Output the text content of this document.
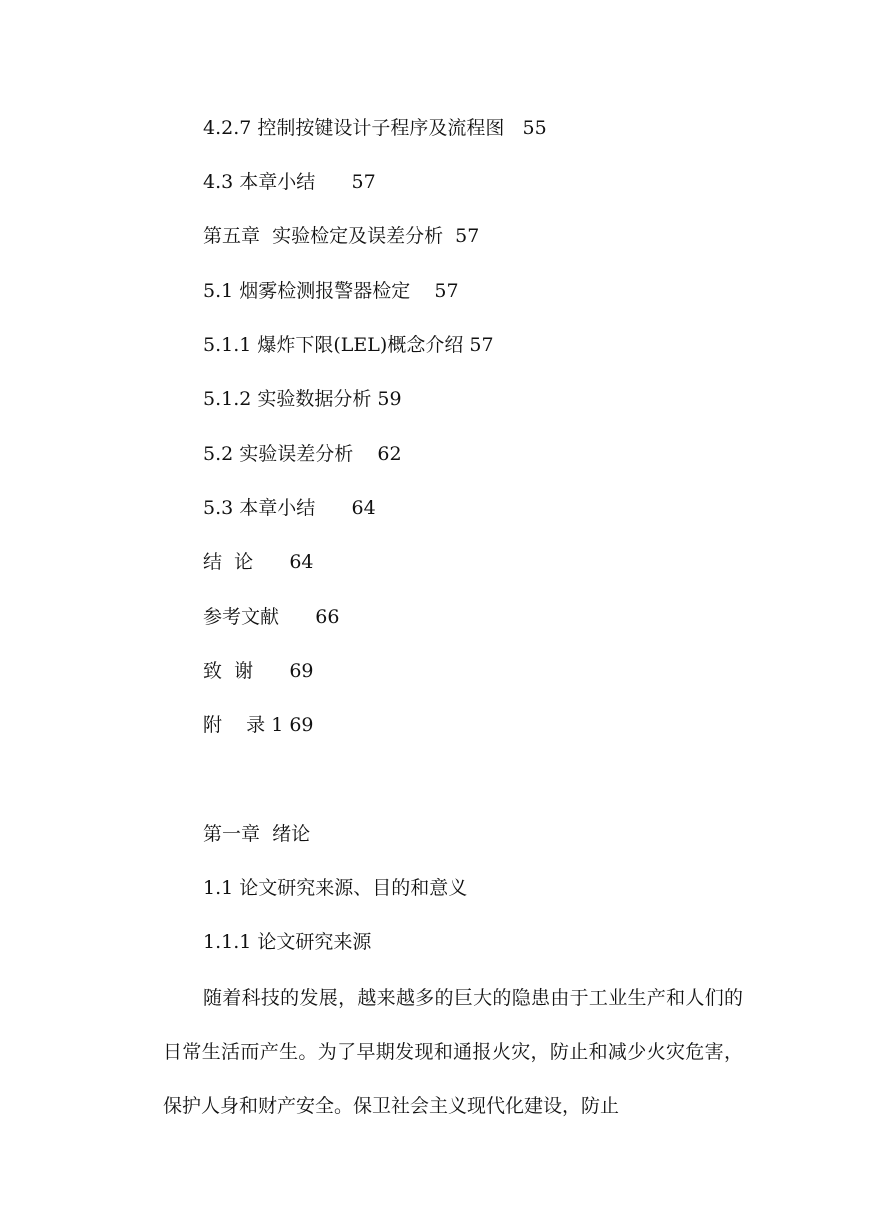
4.2.7 控制按键设计子程序及流程图   55
4.3 本章小结      57
第五章  实验检定及误差分析  57
5.1 烟雾检测报警器检定    57
5.1.1 爆炸下限(LEL)概念介绍 57
5.1.2 实验数据分析 59
5.2 实验误差分析    62
5.3 本章小结      64
结  论      64
参考文献      66
致  谢      69
附    录 1 69
第一章  绪论
1.1 论文研究来源、目的和意义
1.1.1 论文研究来源

随着科技的发展，越来越多的巨大的隐患由于工业生产和人们的日常生活而产生。为了早期发现和通报火灾，防止和减少火灾危害，保护人身和财产安全。保卫社会主义现代化建设，防止
